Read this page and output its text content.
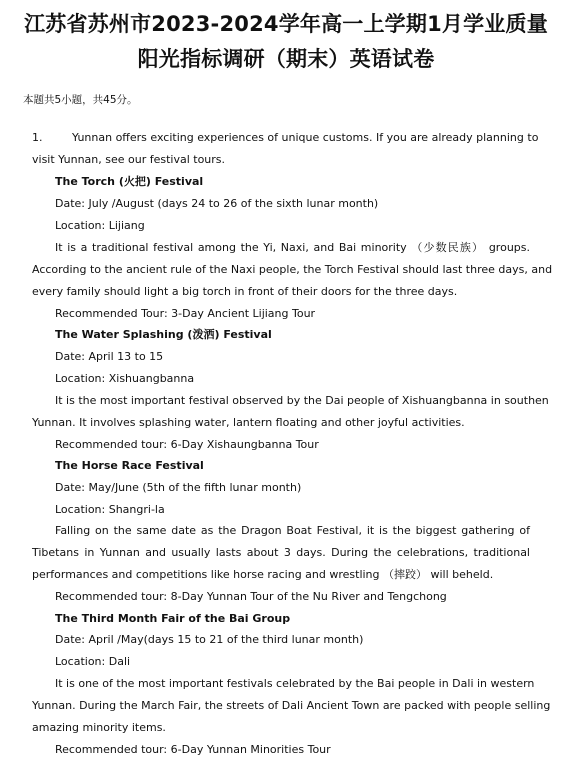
江苏省苏州市2023-2024学年高一上学期1月学业质量
阳光指标调研（期末）英语试卷
本题共5小题，共45分。
1.	Yunnan offers exciting experiences of unique customs. If you are already planning to
visit Yunnan, see our festival tours.
The Torch (火把) Festival
Date: July /August (days 24 to 26 of the sixth lunar month)
Location: Lijiang
It is a traditional festival among the Yi, Naxi, and Bai minority （少数民族） groups.
According to the ancient rule of the Naxi people, the Torch Festival should last three days, and
every family should light a big torch in front of their doors for the three days.
Recommended Tour: 3-Day Ancient Lijiang Tour
The Water Splashing (泼洒) Festival
Date: April 13 to 15
Location: Xishuangbanna
It is the most important festival observed by the Dai people of Xishuangbanna in southen
Yunnan. It involves splashing water, lantern floating and other joyful activities.
Recommended tour: 6-Day Xishaungbanna Tour
The Horse Race Festival
Date: May/June (5th of the fifth lunar month)
Location: Shangri-la
Falling on the same date as the Dragon Boat Festival, it is the biggest gathering of
Tibetans in Yunnan and usually lasts about 3 days. During the celebrations, traditional
performances and competitions like horse racing and wrestling （摔跤） will beheld.
Recommended tour: 8-Day Yunnan Tour of the Nu River and Tengchong
The Third Month Fair of the Bai Group
Date: April /May(days 15 to 21 of the third lunar month)
Location: Dali
It is one of the most important festivals celebrated by the Bai people in Dali in western
Yunnan. During the March Fair, the streets of Dali Ancient Town are packed with people selling
amazing minority items.
Recommended tour: 6-Day Yunnan Minorities Tour
